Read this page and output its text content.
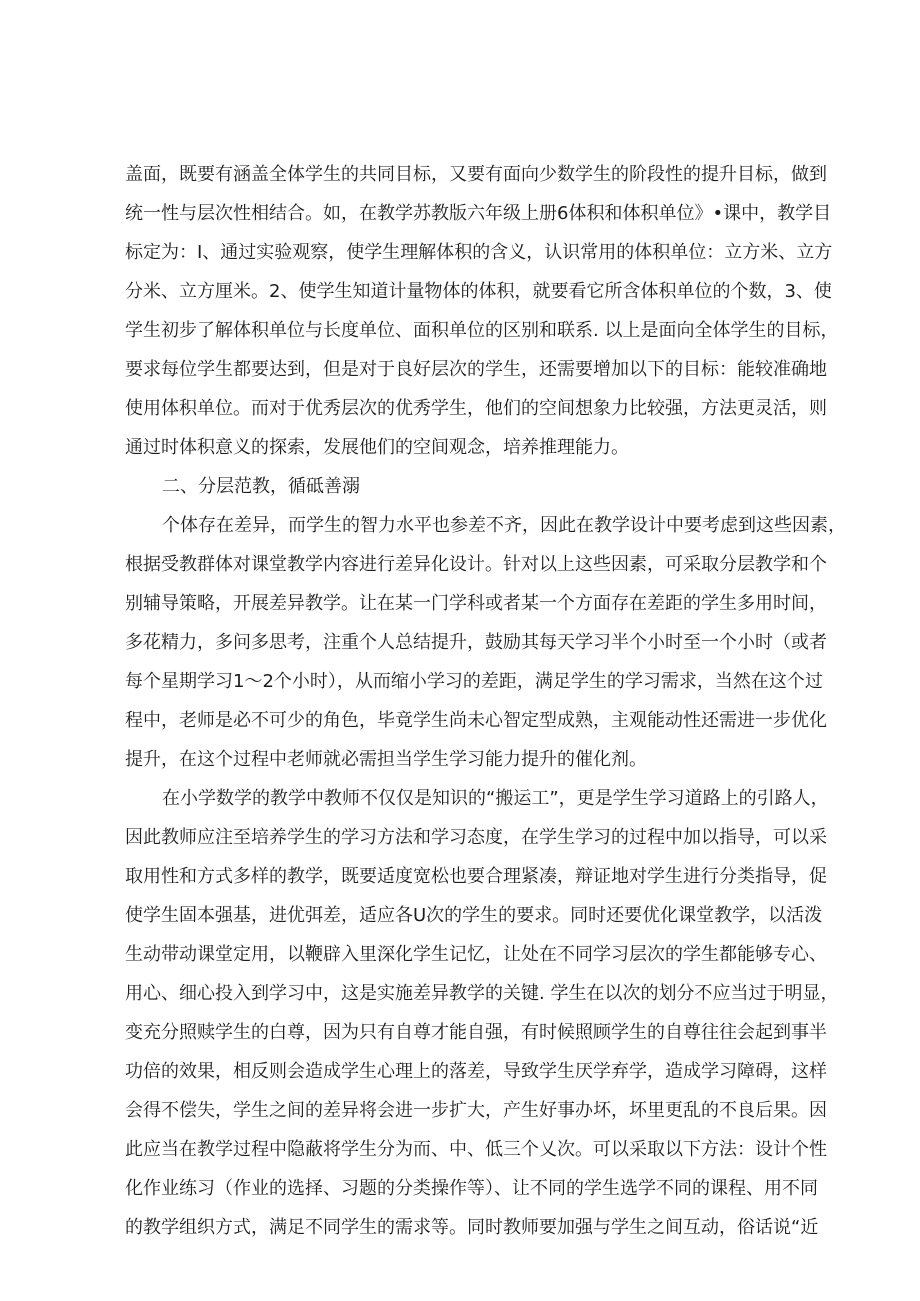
盖面，既要有涵盖全体学生的共同目标，又要有面向少数学生的阶段性的提升目标，做到
统一性与层次性相结合。如，在教学苏教版六年级上册6体积和体积单位》•课中，教学目
标定为：I、通过实验观察，使学生理解体积的含义，认识常用的体积单位：立方米、立方
分米、立方厘米。2、使学生知道计量物体的体积，就要看它所含体积单位的个数，3、使
学生初步了解体积单位与长度单位、面积单位的区别和联系. 以上是面向全体学生的目标，
要求每位学生都要达到，但是对于良好层次的学生，还需要增加以下的目标：能较准确地
使用体积单位。而对于优秀层次的优秀学生，他们的空间想象力比较强，方法更灵活，则
通过时体积意义的探索，发展他们的空间观念，培养推理能力。
二、分层范教，循砥善溺
个体存在差异，而学生的智力水平也参差不齐，因此在教学设计中要考虑到这些因素，
根据受教群体对课堂教学内容进行差异化设计。针对以上这些因素，可采取分层教学和个
别辅导策略，开展差异教学。让在某一门学科或者某一个方面存在差距的学生多用时间，
多花精力，多问多思考，注重个人总结提升，鼓励其每天学习半个小时至一个小时（或者
每个星期学习1〜2个小时），从而缩小学习的差距，满足学生的学习需求，当然在这个过
程中，老师是必不可少的角色，毕竟学生尚未心智定型成熟，主观能动性还需进一步优化
提升，在这个过程中老师就必需担当学生学习能力提升的催化剂。
在小学数学的教学中教师不仅仅是知识的“搬运工”，更是学生学习道路上的引路人，
因此教师应注至培养学生的学习方法和学习态度，在学生学习的过程中加以指导，可以采
取用性和方式多样的教学，既要适度宽松也要合理紧凑，辩证地对学生进行分类指导，促
使学生固本强基，进优弭差，适应各U次的学生的要求。同时还要优化课堂教学，以活泼
生动带动课堂定用，以鞭辟入里深化学生记忆，让处在不同学习层次的学生都能够专心、
用心、细心投入到学习中，这是实施差异教学的关键. 学生在以次的划分不应当过于明显，
变充分照赎学生的白尊，因为只有自尊才能自强，有时候照顾学生的自尊往往会起到事半
功倍的效果，相反则会造成学生心理上的落差，导致学生厌学弃学，造成学习障碍，这样
会得不偿失，学生之间的差异将会进一步扩大，产生好事办坏，坏里更乱的不良后果。因
此应当在教学过程中隐蔽将学生分为而、中、低三个乂次。可以采取以下方法：设计个性
化作业练习（作业的选择、习题的分类操作等）、让不同的学生选学不同的课程、用不同
的教学组织方式，满足不同学生的需求等。同时教师要加强与学生之间互动，俗话说“近
